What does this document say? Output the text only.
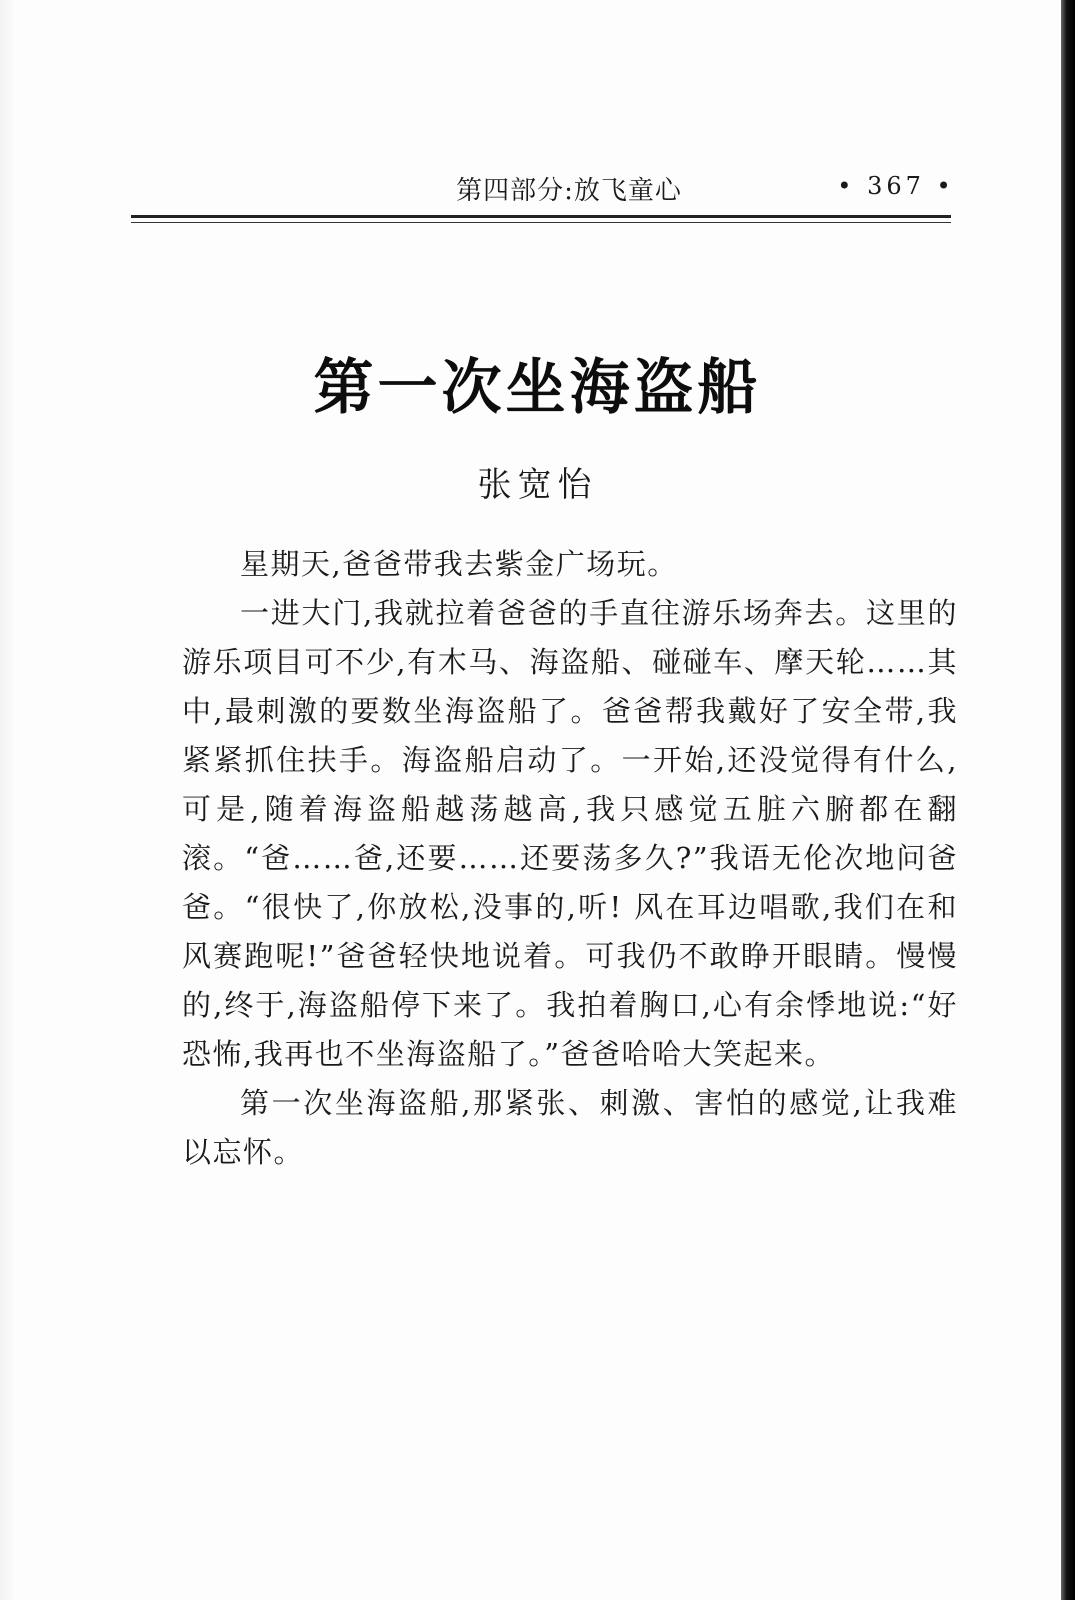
第四部分:放飞童心	• 367 •
第一次坐海盗船
张宽怡

星期天,爸爸带我去紫金广场玩。

一进大门,我就拉着爸爸的手直往游乐场奔去。这里的游乐项目可不少,有木马、海盗船、碰碰车、摩天轮……其中,最刺激的要数坐海盗船了。爸爸帮我戴好了安全带,我紧紧抓住扶手。海盗船启动了。一开始,还没觉得有什么,可是,随着海盗船越荡越高,我只感觉五脏六腑都在翻滚。“爸……爸,还要……还要荡多久?”我语无伦次地问爸爸。“很快了,你放松,没事的,听! 风在耳边唱歌,我们在和风赛跑呢!”爸爸轻快地说着。可我仍不敢睁开眼睛。慢慢的,终于,海盗船停下来了。我拍着胸口,心有余悸地说:“好恐怖,我再也不坐海盗船了。”爸爸哈哈大笑起来。

第一次坐海盗船,那紧张、刺激、害怕的感觉,让我难以忘怀。
